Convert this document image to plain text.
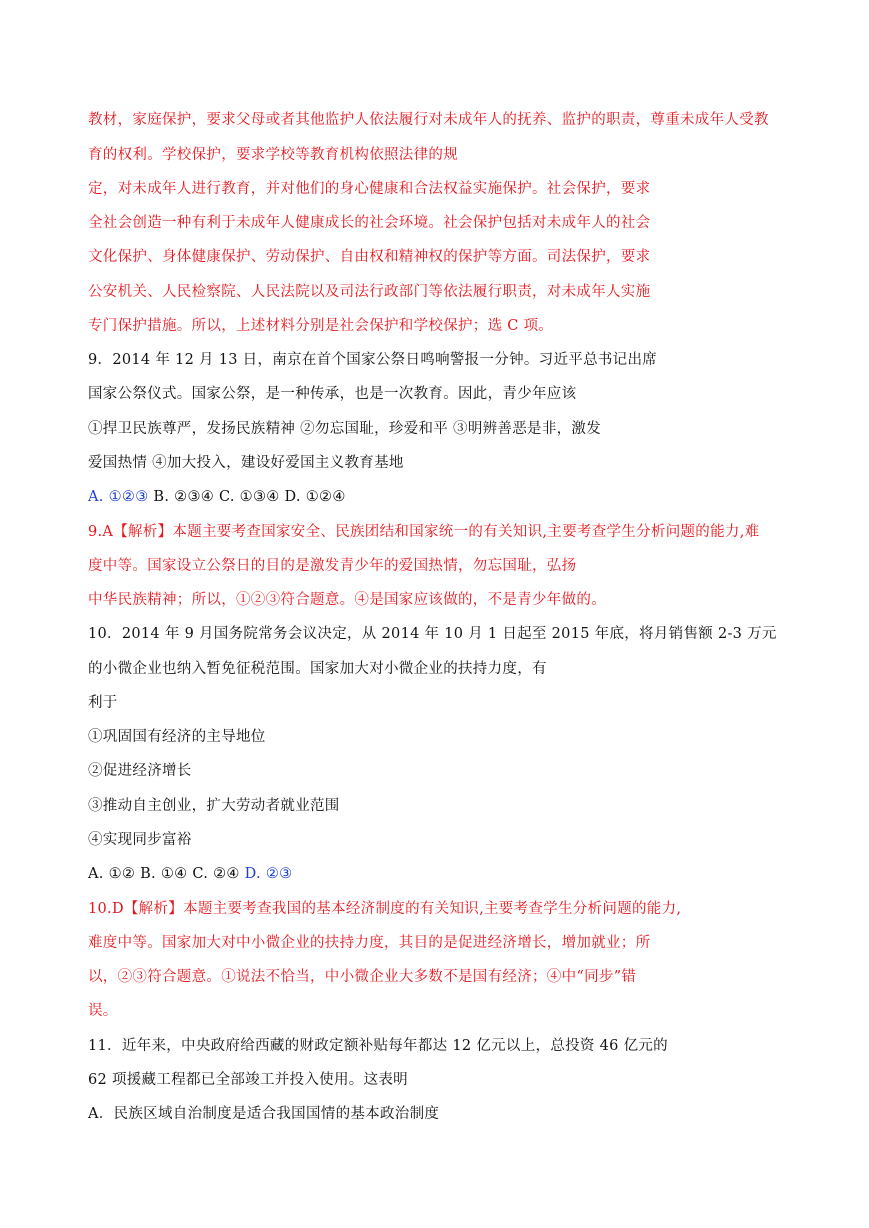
教材，家庭保护，要求父母或者其他监护人依法履行对未成年人的抚养、监护的职责，尊重未成年人受教
育的权利。学校保护，要求学校等教育机构依照法律的规
定，对未成年人进行教育，并对他们的身心健康和合法权益实施保护。社会保护，要求
全社会创造一种有利于未成年人健康成长的社会环境。社会保护包括对未成年人的社会
文化保护、身体健康保护、劳动保护、自由权和精神权的保护等方面。司法保护，要求
公安机关、人民检察院、人民法院以及司法行政部门等依法履行职责，对未成年人实施
专门保护措施。所以，上述材料分别是社会保护和学校保护；选 C 项。
9．2014 年 12 月 13 日，南京在首个国家公祭日鸣响警报一分钟。习近平总书记出席
国家公祭仪式。国家公祭，是一种传承，也是一次教育。因此，青少年应该
①捍卫民族尊严，发扬民族精神 ②勿忘国耻，珍爱和平 ③明辨善恶是非，激发
爱国热情 ④加大投入，建设好爱国主义教育基地
A. ①②③ B. ②③④ C. ①③④ D. ①②④
9.A【解析】本题主要考查国家安全、民族团结和国家统一的有关知识,主要考查学生分析问题的能力,难
度中等。国家设立公祭日的目的是激发青少年的爱国热情，勿忘国耻，弘扬
中华民族精神；所以，①②③符合题意。④是国家应该做的，不是青少年做的。
10．2014 年 9 月国务院常务会议决定，从 2014 年 10 月 1 日起至 2015 年底，将月销售额 2-3 万元
的小微企业也纳入暂免征税范围。国家加大对小微企业的扶持力度，有
利于
①巩固国有经济的主导地位
②促进经济增长
③推动自主创业，扩大劳动者就业范围
④实现同步富裕
A. ①② B. ①④ C. ②④ D. ②③
10.D【解析】本题主要考查我国的基本经济制度的有关知识,主要考查学生分析问题的能力,
难度中等。国家加大对中小微企业的扶持力度，其目的是促进经济增长，增加就业；所
以，②③符合题意。①说法不恰当，中小微企业大多数不是国有经济；④中“同步”错
误。
11．近年来，中央政府给西藏的财政定额补贴每年都达 12 亿元以上，总投资 46 亿元的
62 项援藏工程都已全部竣工并投入使用。这表明
A．民族区域自治制度是适合我国国情的基本政治制度
